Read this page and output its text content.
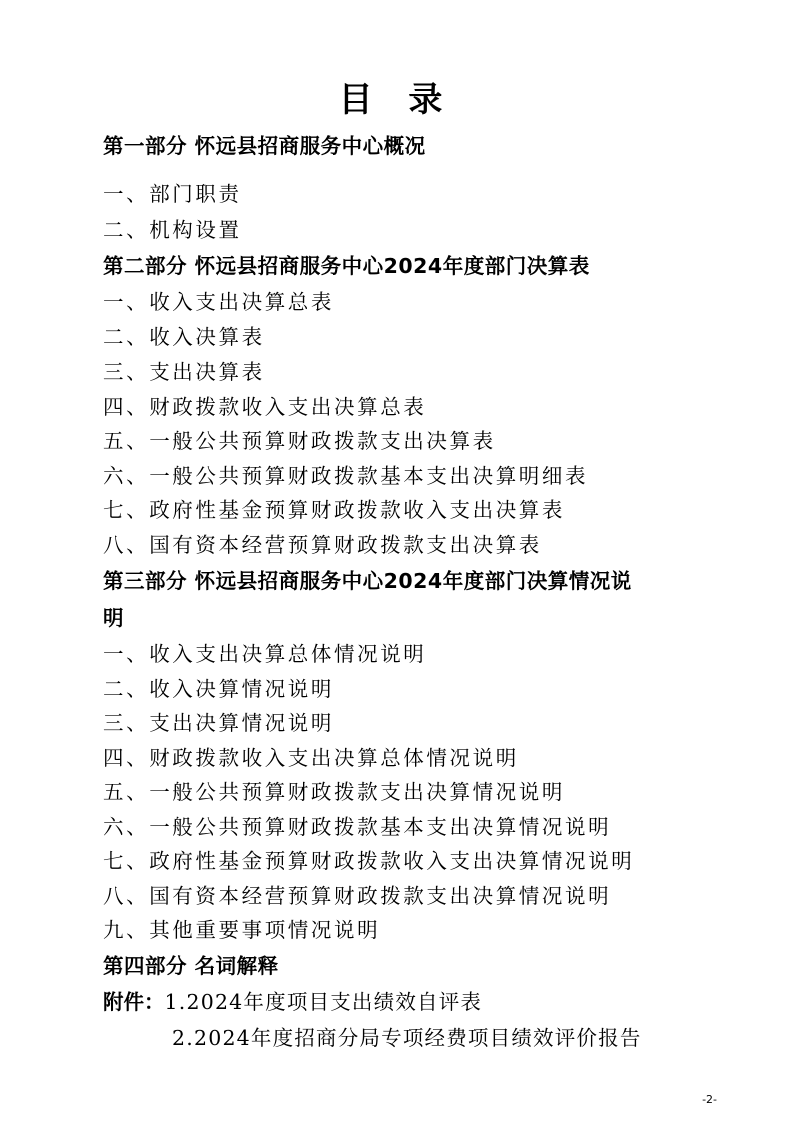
目 录
第一部分 怀远县招商服务中心概况
一、部门职责
二、机构设置
第二部分 怀远县招商服务中心2024年度部门决算表
一、收入支出决算总表
二、收入决算表
三、支出决算表
四、财政拨款收入支出决算总表
五、一般公共预算财政拨款支出决算表
六、一般公共预算财政拨款基本支出决算明细表
七、政府性基金预算财政拨款收入支出决算表
八、国有资本经营预算财政拨款支出决算表
第三部分 怀远县招商服务中心2024年度部门决算情况说
明
一、收入支出决算总体情况说明
二、收入决算情况说明
三、支出决算情况说明
四、财政拨款收入支出决算总体情况说明
五、一般公共预算财政拨款支出决算情况说明
六、一般公共预算财政拨款基本支出决算情况说明
七、政府性基金预算财政拨款收入支出决算情况说明
八、国有资本经营预算财政拨款支出决算情况说明
九、其他重要事项情况说明
第四部分 名词解释
附件：1.2024年度项目支出绩效自评表
2.2024年度招商分局专项经费项目绩效评价报告
-2-
